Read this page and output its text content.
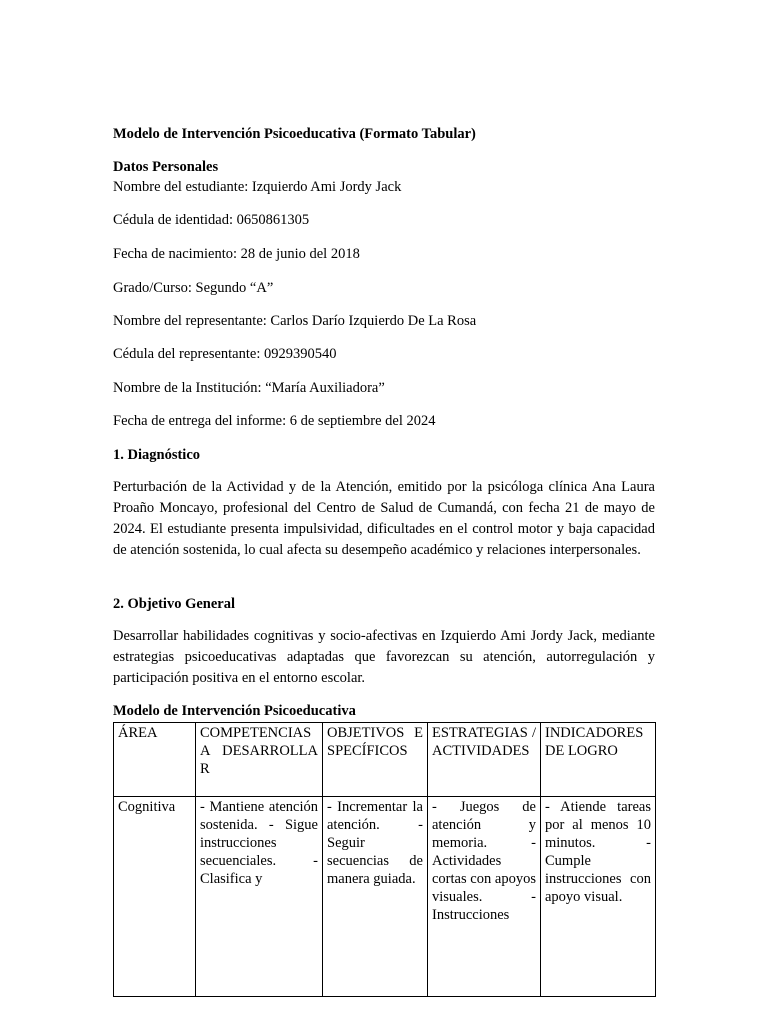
Modelo de Intervención Psicoeducativa (Formato Tabular)

Datos Personales

Nombre del estudiante: Izquierdo Ami Jordy Jack

Cédula de identidad: 0650861305

Fecha de nacimiento: 28 de junio del 2018

Grado/Curso: Segundo “A”

Nombre del representante: Carlos Darío Izquierdo De La Rosa

Cédula del representante: 0929390540

Nombre de la Institución: “María Auxiliadora”

Fecha de entrega del informe: 6 de septiembre del 2024

1. Diagnóstico

Perturbación de la Actividad y de la Atención, emitido por la psicóloga clínica Ana Laura Proaño Moncayo, profesional del Centro de Salud de Cumandá, con fecha 21 de mayo de 2024. El estudiante presenta impulsividad, dificultades en el control motor y baja capacidad de atención sostenida, lo cual afecta su desempeño académico y relaciones interpersonales.

2. Objetivo General

Desarrollar habilidades cognitivas y socio-afectivas en Izquierdo Ami Jordy Jack, mediante estrategias psicoeducativas adaptadas que favorezcan su atención, autorregulación y participación positiva en el entorno escolar.

Modelo de Intervención Psicoeducativa

ÁREA	COMPETENCIAS A DESARROLLAR	OBJETIVOS ESPECÍFICOS	ESTRATEGIAS / ACTIVIDADES	INDICADORES DE LOGRO

Cognitiva	- Mantiene atención sostenida. - Sigue instrucciones secuenciales. - Clasifica y	- Incrementar la atención. - Seguir secuencias de manera guiada.	- Juegos de atención y memoria. - Actividades cortas con apoyos visuales. - Instrucciones	- Atiende tareas por al menos 10 minutos. - Cumple instrucciones con apoyo visual.
